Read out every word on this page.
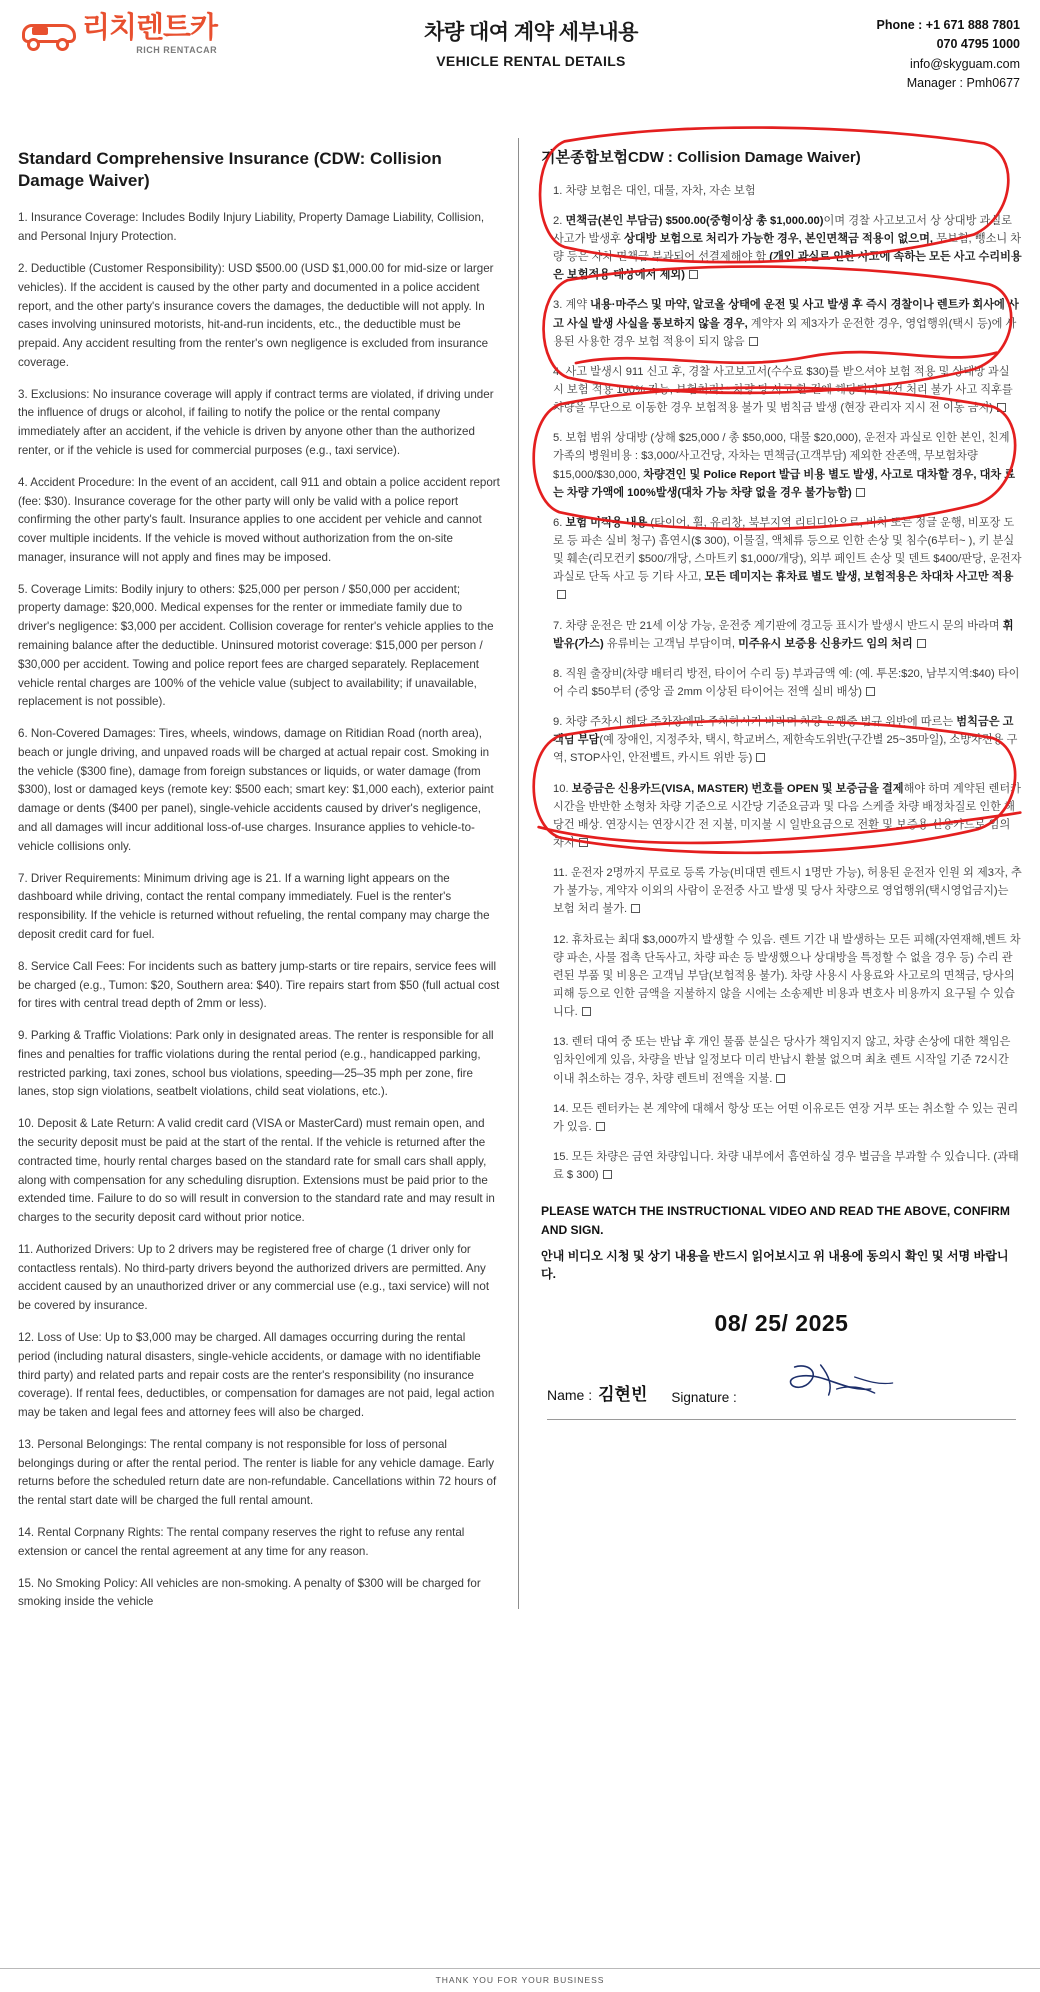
리치렌트카
RICH RENTACAR
차량 대여 계약 세부내용
VEHICLE RENTAL DETAILS
Phone : +1 671 888 7801
070 4795 1000
info@skyguam.com
Manager : Pmh0677
Standard Comprehensive Insurance (CDW: Collision Damage Waiver)

1. Insurance Coverage: Includes Bodily Injury Liability, Property Damage Liability, Collision, and Personal Injury Protection.

2. Deductible (Customer Responsibility): USD $500.00 (USD $1,000.00 for mid-size or larger vehicles). If the accident is caused by the other party and documented in a police accident report, and the other party's insurance covers the damages, the deductible will not apply. In cases involving uninsured motorists, hit-and-run incidents, etc., the deductible must be prepaid. Any accident resulting from the renter's own negligence is excluded from insurance coverage.

3. Exclusions: No insurance coverage will apply if contract terms are violated, if driving under the influence of drugs or alcohol, if failing to notify the police or the rental company immediately after an accident, if the vehicle is driven by anyone other than the authorized renter, or if the vehicle is used for commercial purposes (e.g., taxi service).

4. Accident Procedure: In the event of an accident, call 911 and obtain a police accident report (fee: $30). Insurance coverage for the other party will only be valid with a police report confirming the other party's fault. Insurance applies to one accident per vehicle and cannot cover multiple incidents. If the vehicle is moved without authorization from the on-site manager, insurance will not apply and fines may be imposed.

5. Coverage Limits: Bodily injury to others: $25,000 per person / $50,000 per accident; property damage: $20,000. Medical expenses for the renter or immediate family due to driver's negligence: $3,000 per accident. Collision coverage for renter's vehicle applies to the remaining balance after the deductible. Uninsured motorist coverage: $15,000 per person / $30,000 per accident. Towing and police report fees are charged separately. Replacement vehicle rental charges are 100% of the vehicle value (subject to availability; if unavailable, replacement is not possible).

6. Non-Covered Damages: Tires, wheels, windows, damage on Ritidian Road (north area), beach or jungle driving, and unpaved roads will be charged at actual repair cost. Smoking in the vehicle ($300 fine), damage from foreign substances or liquids, or water damage (from $300), lost or damaged keys (remote key: $500 each; smart key: $1,000 each), exterior paint damage or dents ($400 per panel), single-vehicle accidents caused by driver's negligence, and all damages will incur additional loss-of-use charges. Insurance applies to vehicle-to-vehicle collisions only.

7. Driver Requirements: Minimum driving age is 21. If a warning light appears on the dashboard while driving, contact the rental company immediately. Fuel is the renter's responsibility. If the vehicle is returned without refueling, the rental company may charge the deposit credit card for fuel.

8. Service Call Fees: For incidents such as battery jump-starts or tire repairs, service fees will be charged (e.g., Tumon: $20, Southern area: $40). Tire repairs start from $50 (full actual cost for tires with central tread depth of 2mm or less).

9. Parking & Traffic Violations: Park only in designated areas. The renter is responsible for all fines and penalties for traffic violations during the rental period (e.g., handicapped parking, restricted parking, taxi zones, school bus violations, speeding—25–35 mph per zone, fire lanes, stop sign violations, seatbelt violations, child seat violations, etc.).

10. Deposit & Late Return: A valid credit card (VISA or MasterCard) must remain open, and the security deposit must be paid at the start of the rental. If the vehicle is returned after the contracted time, hourly rental charges based on the standard rate for small cars shall apply, along with compensation for any scheduling disruption. Extensions must be paid prior to the extended time. Failure to do so will result in conversion to the standard rate and may result in charges to the security deposit card without prior notice.

11. Authorized Drivers: Up to 2 drivers may be registered free of charge (1 driver only for contactless rentals). No third-party drivers beyond the authorized drivers are permitted. Any accident caused by an unauthorized driver or any commercial use (e.g., taxi service) will not be covered by insurance.

12. Loss of Use: Up to $3,000 may be charged. All damages occurring during the rental period (including natural disasters, single-vehicle accidents, or damage with no identifiable third party) and related parts and repair costs are the renter's responsibility (no insurance coverage). If rental fees, deductibles, or compensation for damages are not paid, legal action may be taken and legal fees and attorney fees will also be charged.

13. Personal Belongings: The rental company is not responsible for loss of personal belongings during or after the rental period. The renter is liable for any vehicle damage. Early returns before the scheduled return date are non-refundable. Cancellations within 72 hours of the rental start date will be charged the full rental amount.

14. Rental Corpnany Rights: The rental company reserves the right to refuse any rental extension or cancel the rental agreement at any time for any reason.

15. No Smoking Policy: All vehicles are non-smoking. A penalty of $300 will be charged for smoking inside the vehicle

기본종합보험CDW : Collision Damage Waiver)

1. 차량 보험은 대인, 대물, 자차, 자손 보험

2. 면책금(본인 부담금) $500.00(중형이상 총 $1,000.00)이며 경찰 사고보고서 상 상대방 과실로 사고가 발생후 상대방 보험으로 처리가 가능한 경우, 본인면책금 적용이 없으며, 무보험, 뺑소니 차량 등은 자차 면책금 부과되어 선결제해야 함 (개인 과실로 인한 사고에 속하는 모든 사고 수리비용은 보험적용 대상에서 제외)

3. 계약 내용·마주스 및 마약, 알코올 상태에 운전 및 사고 발생 후 즉시 경찰이나 렌트카 회사에 사고 사실 발생 사실을 통보하지 않을 경우, 계약자 외 제3자가 운전한 경우, 영업행위(택시 등)에 사용된 사용한 경우 보험 적용이 되지 않음

4. 사고 발생시 911 신고 후, 경찰 사고보고서(수수료 $30)를 받으셔야 보험 적용 및 상대방 과실 시 보험 적용 100% 가능, 보험처리는 차량 당 사고 한 건에 해당되며 다건 처리 불가 사고 직후를 차량을 무단으로 이동한 경우 보험적용 불가 및 범칙금 발생 (현장 관리자 지시 전 이동 금지)

5. 보험 범위 상대방 (상해 $25,000 / 총 $50,000, 대물 $20,000), 운전자 과실로 인한 본인, 친계 가족의 병원비용 : $3,000/사고건당, 자차는 면책금(고객부담) 제외한 잔존액, 무보험차량 $15,000/$30,000, 차량견인 및 Police Report 발급 비용 별도 발생, 사고로 대차할 경우, 대차 료는 차량 가액에 100%발생(대차 가능 차량 없을 경우 불가능함)

6. 보험 미적용 내용 (타이어, 휠, 유리창, 북부지역 리티디안으로, 비치 또는 정글 운행, 비포장 도로 등 파손 실비 청구) 흠연시($ 300), 이물질, 액체류 등으로 인한 손상 및 침수(6부터~ ), 키 분실 및 훼손(리모컨키 $500/개당, 스마트키 $1,000/개당), 외부 페인트 손상 및 덴트 $400/판당, 운전자 과실로 단독 사고 등 기타 사고, 모든 데미지는 휴차료 별도 발생, 보험적용은 차대차 사고만 적용

7. 차량 운전은 만 21세 이상 가능, 운전중 계기판에 경고등 표시가 발생시 반드시 문의 바라며 휘발유(가스) 유류비는 고객님 부담이며, 미주유시 보증용 신용카드 임의 처리

8. 직원 출장비(차량 배터리 방전, 타이어 수리 등) 부과금액 예: (예. 투몬:$20, 남부지역:$40) 타이어 수리 $50부터 (중앙 골 2mm 이상된 타이어는 전액 실비 배상)

9. 차량 주차시 해당 주차장에만 주차하시기 바라며 차량 운행중 법규 위반에 따르는 범칙금은 고객님 부담(예 장애인, 지정주차, 택시, 학교버스, 제한속도위반(구간별 25~35마일), 소방차전용 구역, STOP사인, 안전벨트, 카시트 위반 등)

10. 보증금은 신용카드(VISA, MASTER) 번호를 OPEN 및 보증금을 결제해야 하며 계약된 렌터카 시간을 반반한 소형차 차량 기준으로 시간당 기준요금과 및 다음 스케줄 차량 배정차질로 인한 해당건 배상. 연장시는 연장시간 전 지불, 미지불 시 일반요금으로 전환 및 보증용 신용카드로 임의 차지

11. 운전자 2명까지 무료로 등록 가능(비대면 렌트시 1명만 가능), 허용된 운전자 인원 외 제3자, 추가 불가능, 계약자 이외의 사람이 운전중 사고 발생 및 당사 차량으로 영업행위(택시영업금지)는 보험 처리 불가.

12. 휴차료는 최대 $3,000까지 발생할 수 있음. 렌트 기간 내 발생하는 모든 피해(자연재해,벤트 차량 파손, 사물 접촉 단독사고, 차량 파손 등 발생했으나 상대방을 특정할 수 없을 경우 등) 수리 관련된 부품 및 비용은 고객님 부담(보험적용 불가). 차량 사용시 사용료와 사고로의 면책금, 당사의 피해 등으로 인한 금액을 지불하지 않을 시에는 소송제반 비용과 변호사 비용까지 요구될 수 있습니다.

13. 렌터 대여 중 또는 반납 후 개인 물품 분실은 당사가 책임지지 않고, 차량 손상에 대한 책임은 임차인에게 있음, 차량을 반납 일정보다 미리 반납시 환불 없으며 최초 렌트 시작일 기준 72시간 이내 취소하는 경우, 차량 렌트비 전액을 지불.

14. 모든 렌터카는 본 계약에 대해서 항상 또는 어떤 이유로든 연장 거부 또는 취소할 수 있는 권리가 있음.

15. 모든 차량은 금연 차량입니다. 차량 내부에서 흠연하실 경우 벌금을 부과할 수 있습니다. (과태료 $ 300)

PLEASE WATCH THE INSTRUCTIONAL VIDEO AND READ THE ABOVE, CONFIRM AND SIGN.
안내 비디오 시청 및 상기 내용을 반드시 읽어보시고 위 내용에 동의시 확인 및 서명 바랍니다.
08/ 25/ 2025
Name : 김현빈 Signature :
THANK YOU FOR YOUR BUSINESS
